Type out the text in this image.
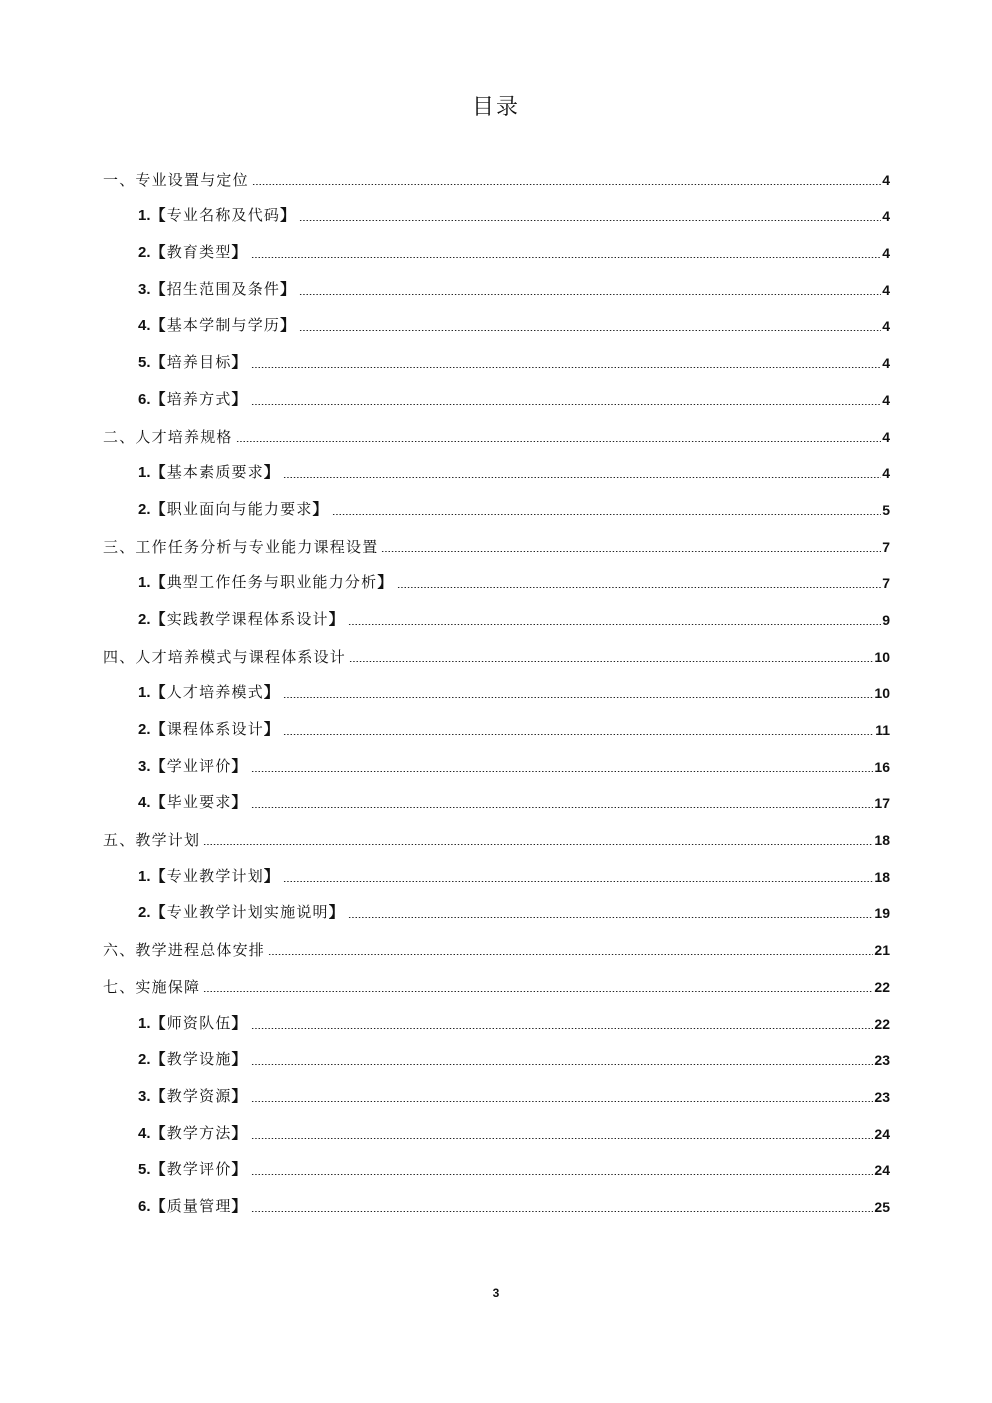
目录
一、专业设置与定位	4
1.【专业名称及代码】	4
2.【教育类型】	4
3.【招生范围及条件】	4
4.【基本学制与学历】	4
5.【培养目标】	4
6.【培养方式】	4
二、人才培养规格	4
1.【基本素质要求】	4
2.【职业面向与能力要求】	5
三、工作任务分析与专业能力课程设置	7
1.【典型工作任务与职业能力分析】	7
2.【实践教学课程体系设计】	9
四、人才培养模式与课程体系设计	10
1.【人才培养模式】	10
2.【课程体系设计】	11
3.【学业评价】	16
4.【毕业要求】	17
五、教学计划	18
1.【专业教学计划】	18
2.【专业教学计划实施说明】	19
六、教学进程总体安排	21
七、实施保障	22
1.【师资队伍】	22
2.【教学设施】	23
3.【教学资源】	23
4.【教学方法】	24
5.【教学评价】	24
6.【质量管理】	25
3
